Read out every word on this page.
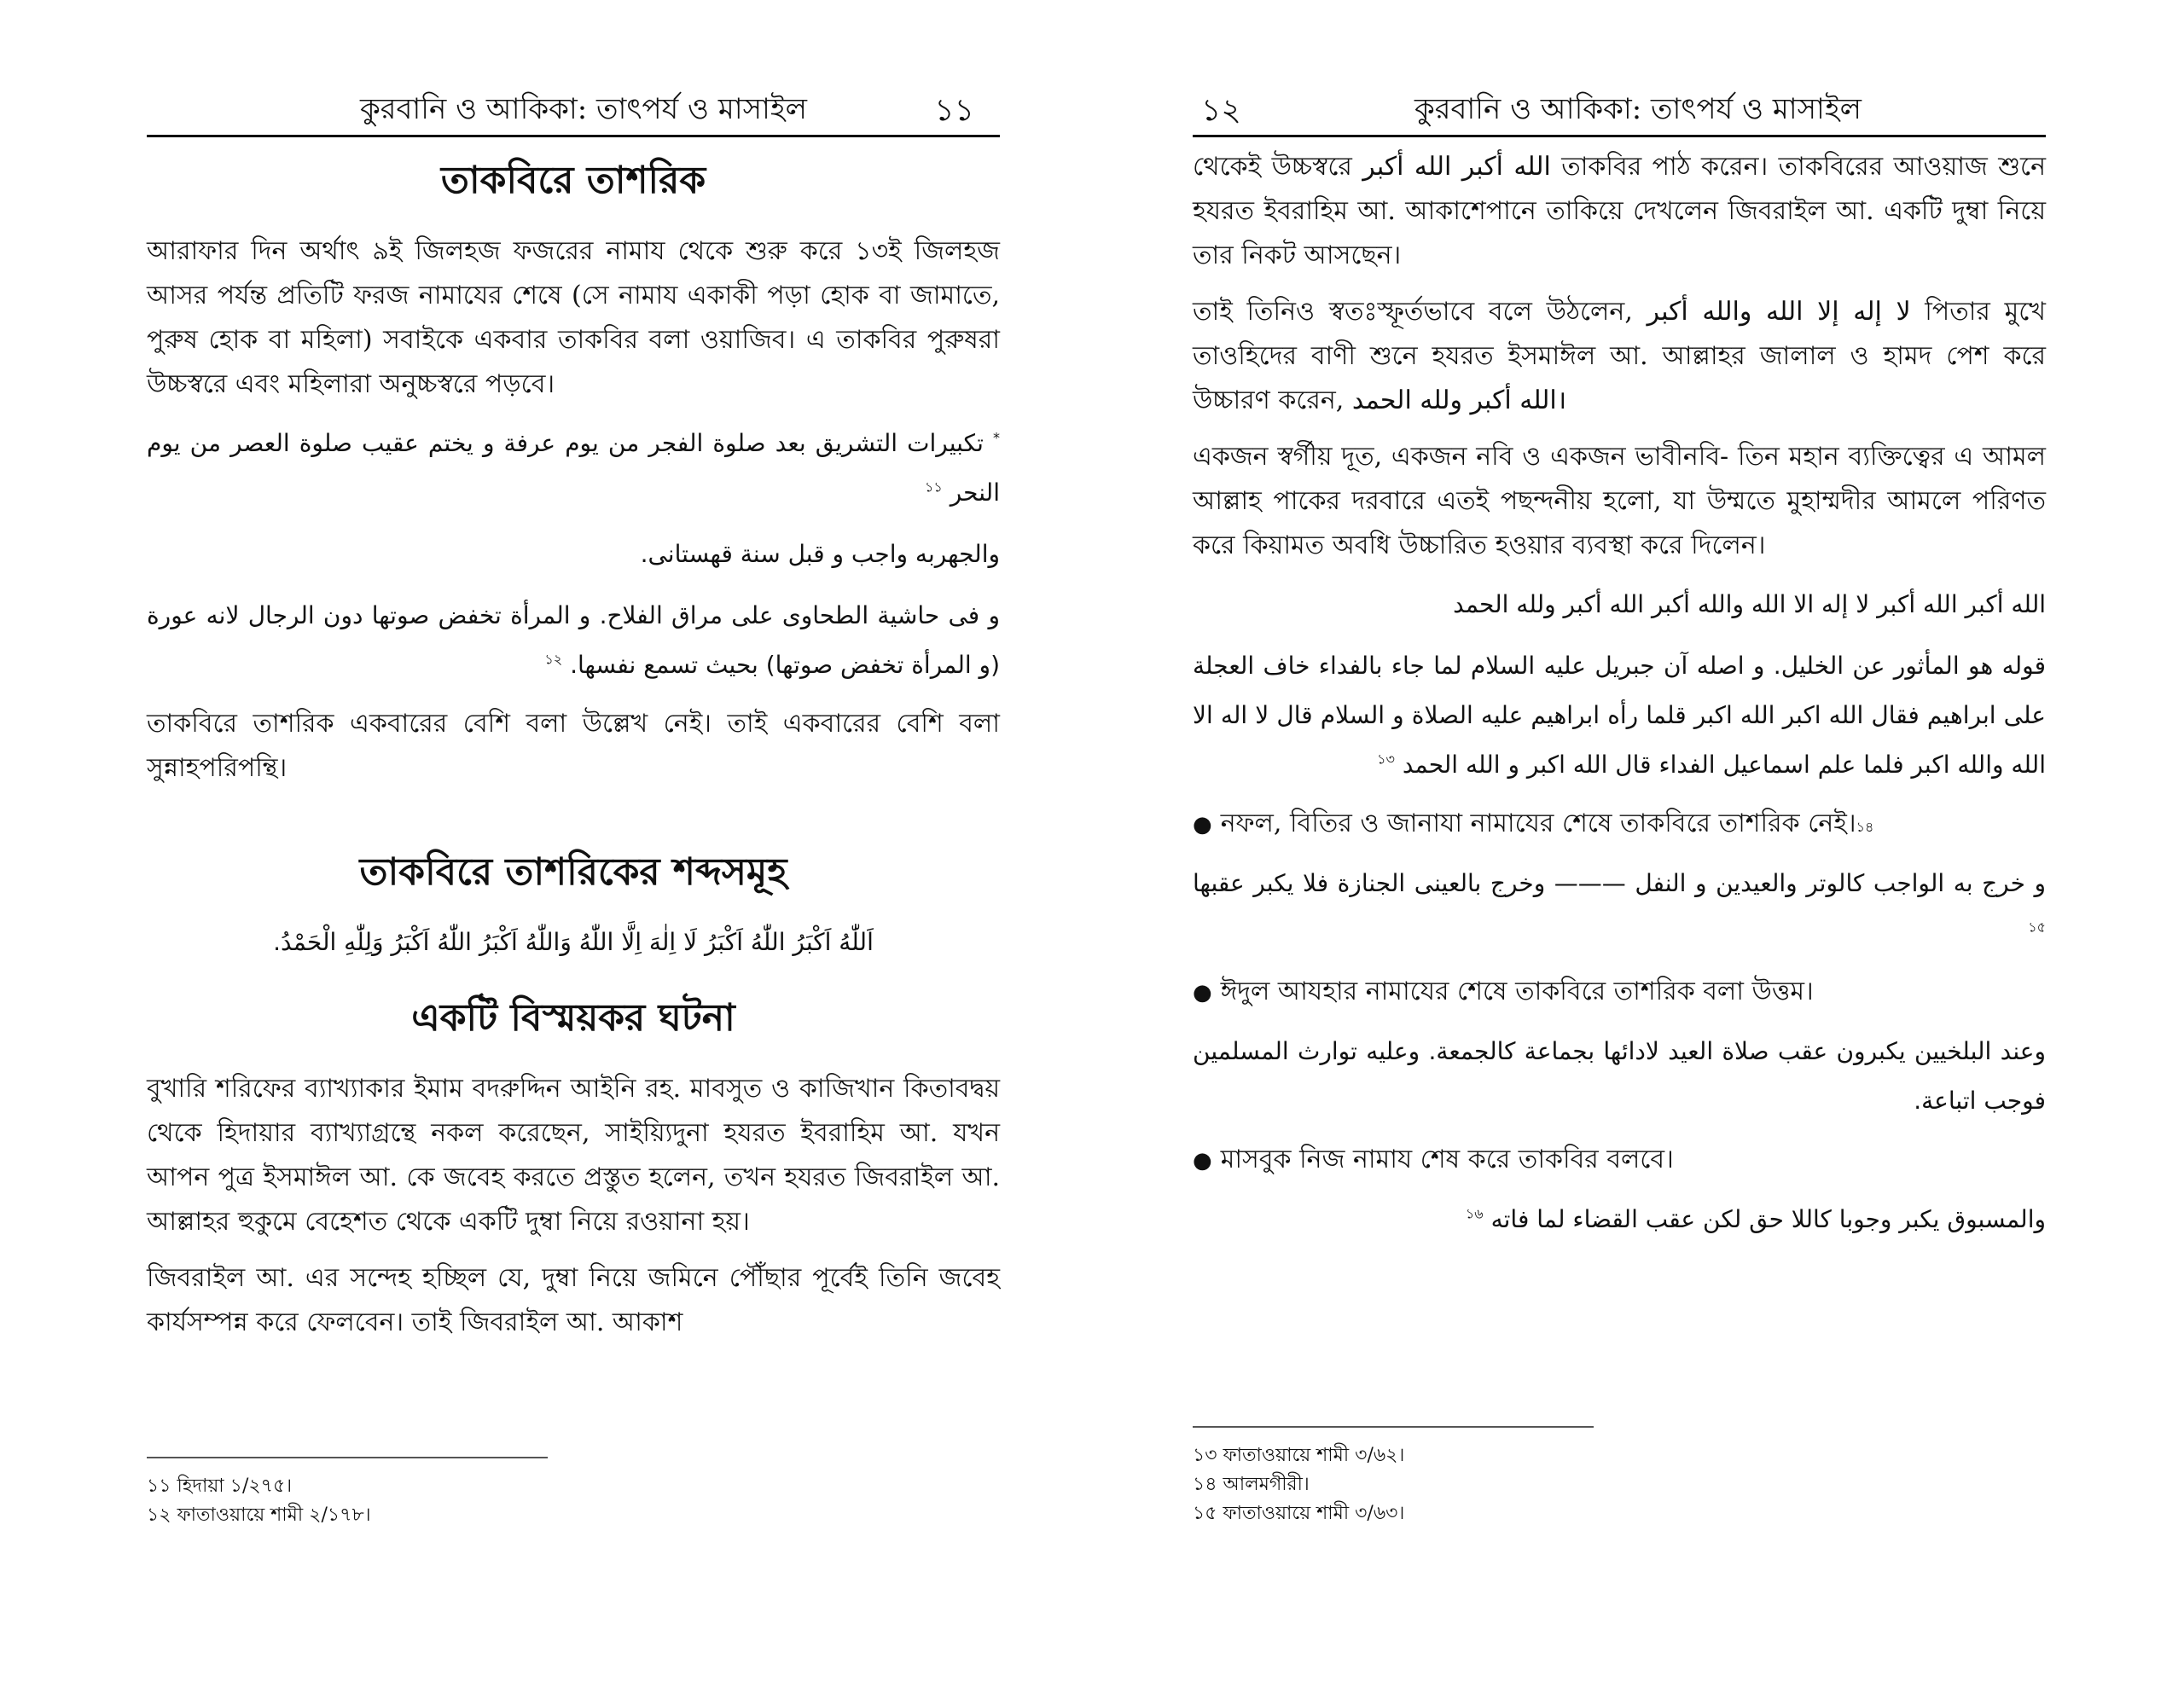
কুরবানি ও আকিকা: তাৎপর্য ও মাসাইল	১১
তাকবিরে তাশরিক

আরাফার দিন অর্থাৎ ৯ই জিলহজ ফজরের নামায থেকে শুরু করে ১৩ই জিলহজ আসর পর্যন্ত প্রতিটি ফরজ নামাযের শেষে (সে নামায একাকী পড়া হোক বা জামাতে, পুরুষ হোক বা মহিলা) সবাইকে একবার তাকবির বলা ওয়াজিব। এ তাকবির পুরুষরা উচ্চস্বরে এবং মহিলারা অনুচ্চস্বরে পড়বে।

* تكبيرات التشريق بعد صلوة الفجر من يوم عرفة و يختم عقيب صلوة العصر من يوم النحر $^{১১}$

والجهربه واجب و قبل سنة قهستانى.

و فى حاشية الطحاوى على مراق الفلاح. و المرأة تخفض صوتها دون الرجال لانه عورة (و المرأة تخفض صوتها) بحيث تسمع نفسها. $^{১২}$

তাকবিরে তাশরিক একবারের বেশি বলা উল্লেখ নেই। তাই একবারের বেশি বলা সুন্নাহপরিপন্থি।

তাকবিরে তাশরিকের শব্দসমূহ

اَللّٰهُ اَكْبَرُ اللّٰهُ اَكْبَرُ لَا اِلٰهَ اِلَّا اللّٰهُ وَاللّٰهُ اَكْبَرُ اللّٰهُ اَكْبَرُ وَلِلّٰهِ الْحَمْدُ.

একটি বিস্ময়কর ঘটনা

বুখারি শরিফের ব্যাখ্যাকার ইমাম বদরুদ্দিন আইনি রহ. মাবসুত ও কাজিখান কিতাবদ্বয় থেকে হিদায়ার ব্যাখ্যাগ্রন্থে নকল করেছেন, সাইয়্যিদুনা হযরত ইবরাহিম আ. যখন আপন পুত্র ইসমাঈল আ. কে জবেহ করতে প্রস্তুত হলেন, তখন হযরত জিবরাইল আ. আল্লাহর হুকুমে বেহেশত থেকে একটি দুম্বা নিয়ে রওয়ানা হয়।

জিবরাইল আ. এর সন্দেহ হচ্ছিল যে, দুম্বা নিয়ে জমিনে পৌঁছার পূর্বেই তিনি জবেহ কার্যসম্পন্ন করে ফেলবেন। তাই জিবরাইল আ. আকাশ

১১ হিদায়া ১/২৭৫।
১২ ফাতাওয়ায়ে শামী ২/১৭৮।
১২	কুরবানি ও আকিকা: তাৎপর্য ও মাসাইল

থেকেই উচ্চস্বরে الله أكبر الله أكبر তাকবির পাঠ করেন। তাকবিরের আওয়াজ শুনে হযরত ইবরাহিম আ. আকাশেপানে তাকিয়ে দেখলেন জিবরাইল আ. একটি দুম্বা নিয়ে তার নিকট আসছেন।

তাই তিনিও স্বতঃস্ফূর্তভাবে বলে উঠলেন, لا إله إلا الله والله أكبر পিতার মুখে তাওহিদের বাণী শুনে হযরত ইসমাঈল আ. আল্লাহর জালাল ও হামদ পেশ করে উচ্চারণ করেন, الله أكبر ولله الحمد।

একজন স্বর্গীয় দূত, একজন নবি ও একজন ভাবীনবি- তিন মহান ব্যক্তিত্বের এ আমল আল্লাহ পাকের দরবারে এতই পছন্দনীয় হলো, যা উম্মতে মুহাম্মদীর আমলে পরিণত করে কিয়ামত অবধি উচ্চারিত হওয়ার ব্যবস্থা করে দিলেন।

الله أكبر الله أكبر لا إله الا الله والله أكبر الله أكبر ولله الحمد

قوله هو المأثور عن الخليل. و اصله آن جبريل عليه السلام لما جاء بالفداء خاف العجلة على ابراهيم فقال الله اكبر الله اكبر قلما رأه ابراهيم عليه الصلاة و السلام قال لا اله الا الله والله اكبر فلما علم اسماعيل الفداء قال الله اكبر و الله الحمد $^{১৩}$

● নফল, বিতির ও জানাযা নামাযের শেষে তাকবিরে তাশরিক নেই। ১৪

و خرج به الواجب كالوتر والعيدين و النفل ——— وخرج بالعينى الجنازة فلا يكبر عقبها $^{১৫}$

● ঈদুল আযহার নামাযের শেষে তাকবিরে তাশরিক বলা উত্তম।

وعند البلخيين يكبرون عقب صلاة العيد لادائها بجماعة كالجمعة. وعليه توارث المسلمين فوجب اتباعة.

● মাসবুক নিজ নামায শেষ করে তাকবির বলবে।

والمسبوق يكبر وجوبا كاللا حق لكن عقب القضاء لما فاته $^{১৬}$

১৩ ফাতাওয়ায়ে শামী ৩/৬২।
১৪ আলমগীরী।
১৫ ফাতাওয়ায়ে শামী ৩/৬৩।
